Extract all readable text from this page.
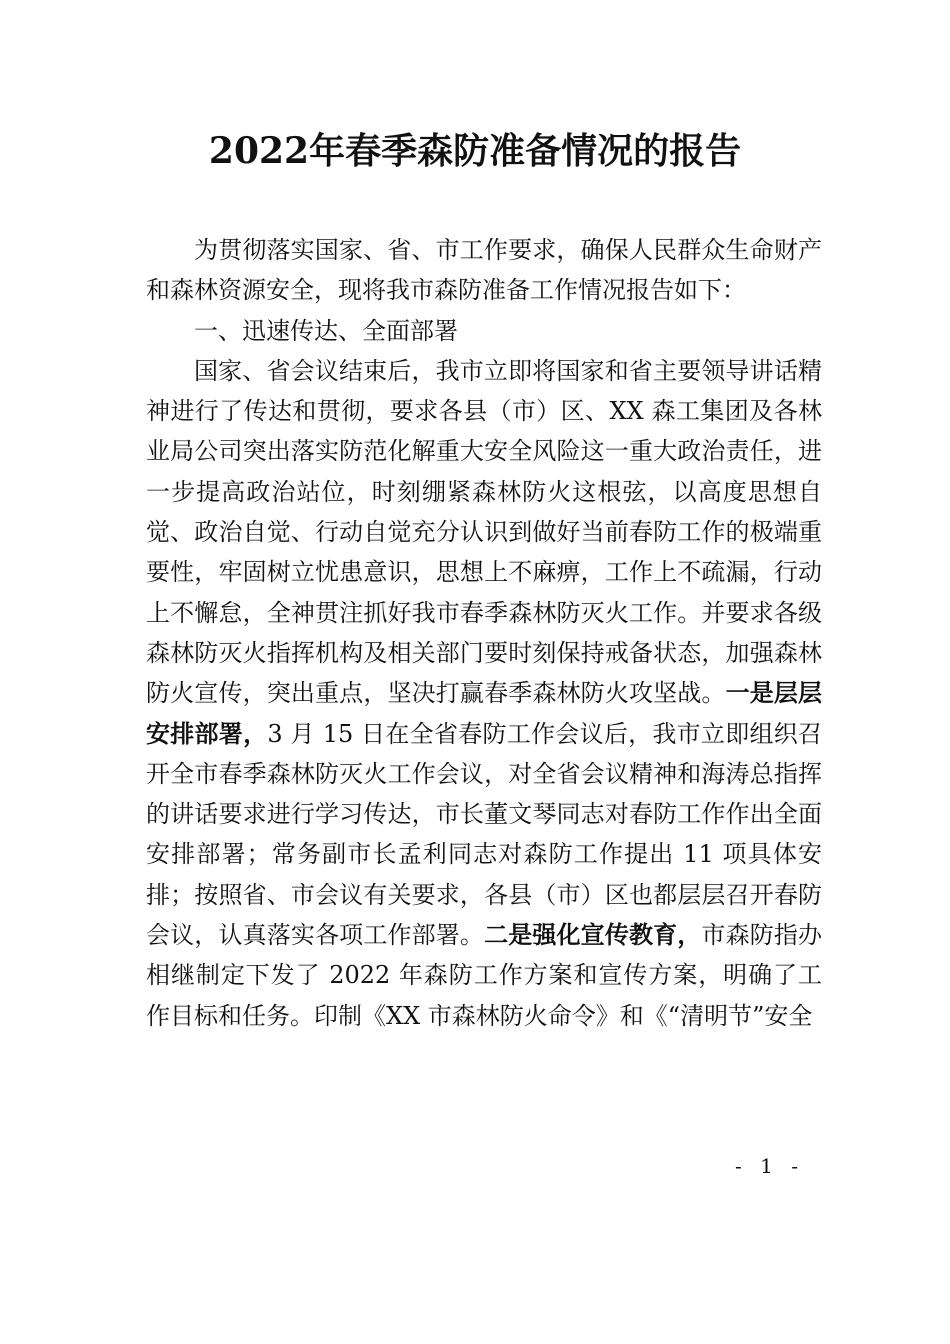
2022年春季森防准备情况的报告

为贯彻落实国家、省、市工作要求，确保人民群众生命财产和森林资源安全，现将我市森防准备工作情况报告如下：

一、迅速传达、全面部署

国家、省会议结束后，我市立即将国家和省主要领导讲话精神进行了传达和贯彻，要求各县（市）区、XX 森工集团及各林业局公司突出落实防范化解重大安全风险这一重大政治责任，进一步提高政治站位，时刻绷紧森林防火这根弦，以高度思想自觉、政治自觉、行动自觉充分认识到做好当前春防工作的极端重要性，牢固树立忧患意识，思想上不麻痹，工作上不疏漏，行动上不懈怠，全神贯注抓好我市春季森林防灭火工作。并要求各级森林防灭火指挥机构及相关部门要时刻保持戒备状态，加强森林防火宣传，突出重点，坚决打赢春季森林防火攻坚战。一是层层安排部署，3 月 15 日在全省春防工作会议后，我市立即组织召开全市春季森林防灭火工作会议，对全省会议精神和海涛总指挥的讲话要求进行学习传达，市长董文琴同志对春防工作作出全面安排部署；常务副市长孟利同志对森防工作提出 11 项具体安排；按照省、市会议有关要求，各县（市）区也都层层召开春防会议，认真落实各项工作部署。二是强化宣传教育，市森防指办相继制定下发了 2022 年森防工作方案和宣传方案，明确了工作目标和任务。印制《XX 市森林防火命令》和《“清明节”安全

- 1 -
